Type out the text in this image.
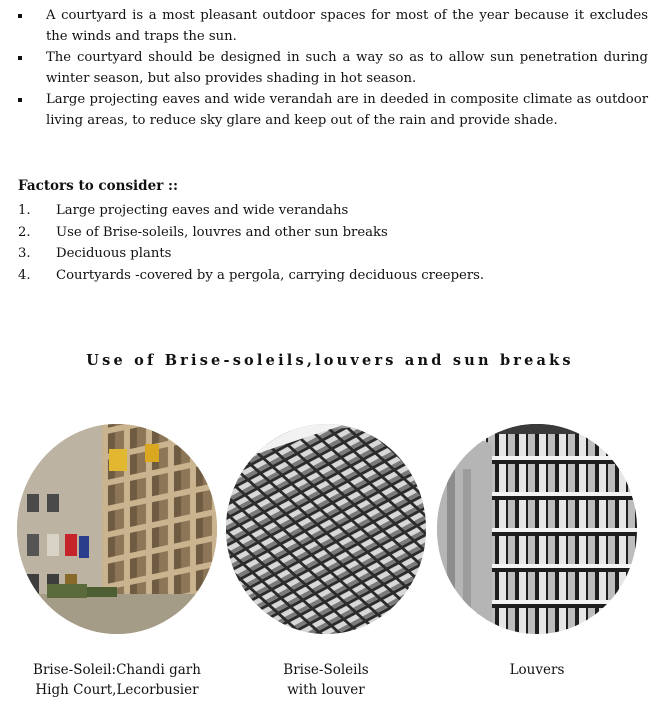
A courtyard is a most pleasant outdoor spaces for most of the year because it excludes the winds and traps the sun.
The courtyard should be designed in such a way so as to allow sun penetration during winter season, but also provides shading in hot season.
Large projecting eaves and wide verandah are in deeded in composite climate as outdoor living areas, to reduce sky glare and keep out of the rain and provide shade.
Factors to consider ::
1.	Large projecting eaves and wide verandahs
2.	Use of Brise-soleils, louvres and other sun breaks
3.	Deciduous plants
4.	Courtyards -covered by a pergola, carrying deciduous creepers.
Use of Brise-soleils,louvers and sun breaks
Brise-Soleil:Chandi garh
High Court,Lecorbusier
Brise-Soleils
with louver
Louvers
